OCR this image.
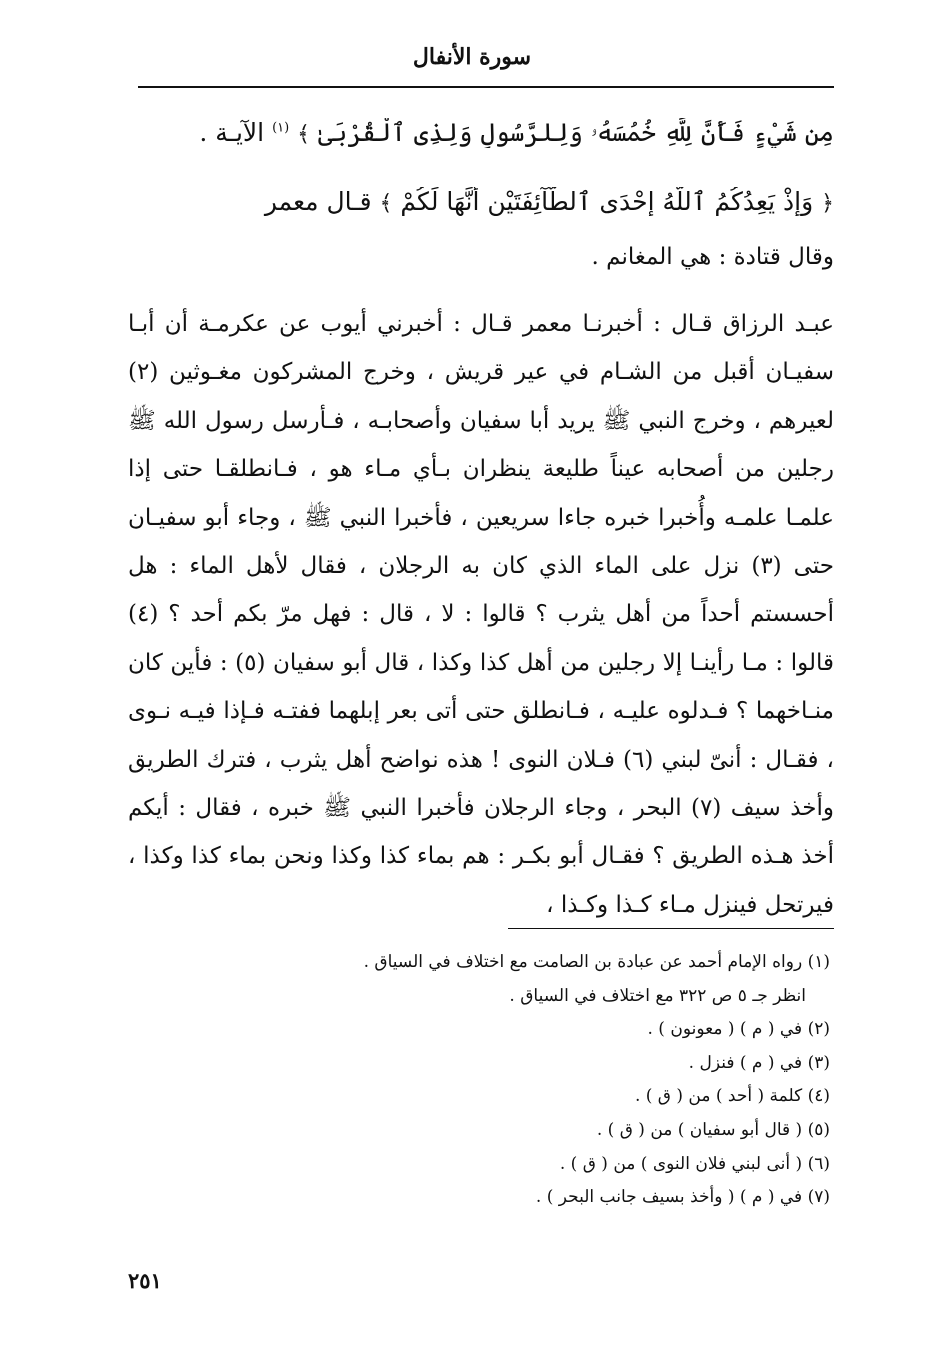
سورة الأنفال
مِن شَيْءٍ فَأَنَّ لِلَّهِ خُمُسَهُۥ وَلِلرَّسُولِ وَلِذِى ٱلْقُرْبَىٰ ﴾ $^{(١)}$ الآيـة .
﴿ وَإِذْ يَعِدُكُمُ ٱللَّهُ إِحْدَى ٱلطَّآئِفَتَيْنِ أَنَّهَا لَكُمْ ﴾ قـال معمر
وقال قتادة : هي المغانم .

عبـد الرزاق قـال : أخبرنـا معمر قـال : أخبرني أيوب عن عكرمـة أن أبـا سفيـان أقبل من الشـام في عير قريش ، وخرج المشركون مغـوثين (٢) لعيرهم ، وخرج النبي ﷺ يريد أبا سفيان وأصحابـه ، فـأرسل رسول الله ﷺ رجلين من أصحابه عيناً طليعة ينظران بـأي مـاء هو ، فـانطلقـا حتى إذا علمـا علمـه وأُخبرا خبره جاءا سريعين ، فأخبرا النبي ﷺ ، وجاء أبو سفيـان حتى (٣) نزل على الماء الذي كان به الرجلان ، فقال لأهل الماء : هل أحسستم أحداً من أهل يثرب ؟ قالوا : لا ، قال : فهل مرّ بكم أحد ؟ (٤) قالوا : مـا رأينـا إلا رجلين من أهل كذا وكذا ، قال أبو سفيان (٥) : فأين كان منـاخهما ؟ فـدلوه عليـه ، فـانطلق حتى أتى بعر إبلهما ففتـه فـإذا فيـه نـوى ، فقـال : أنىّ لبني (٦) فـلان النوى ! هذه نواضح أهل يثرب ، فترك الطريق وأخذ سيف (٧) البحر ، وجاء الرجلان فأخبرا النبي ﷺ خبره ، فقال : أيكم أخذ هـذه الطريق ؟ فقـال أبو بكـر : هم بماء كذا وكذا ونحن بماء كذا وكذا ، فيرتحل فينزل مـاء كـذا وكـذا ،

(١) رواه الإمام أحمد عن عبادة بن الصامت مع اختلاف في السياق .
انظر جـ ٥ ص ٣٢٢ مع اختلاف في السياق .
(٢) في ( م ) ( معونون ) .
(٣) في ( م ) فنزل .
(٤) كلمة ( أحد ) من ( ق ) .
(٥) ( قال أبو سفيان ) من ( ق ) .
(٦) ( أنى لبني فلان النوى ) من ( ق ) .
(٧) في ( م ) ( وأخذ بسيف جانب البحر ) .
٢٥١
